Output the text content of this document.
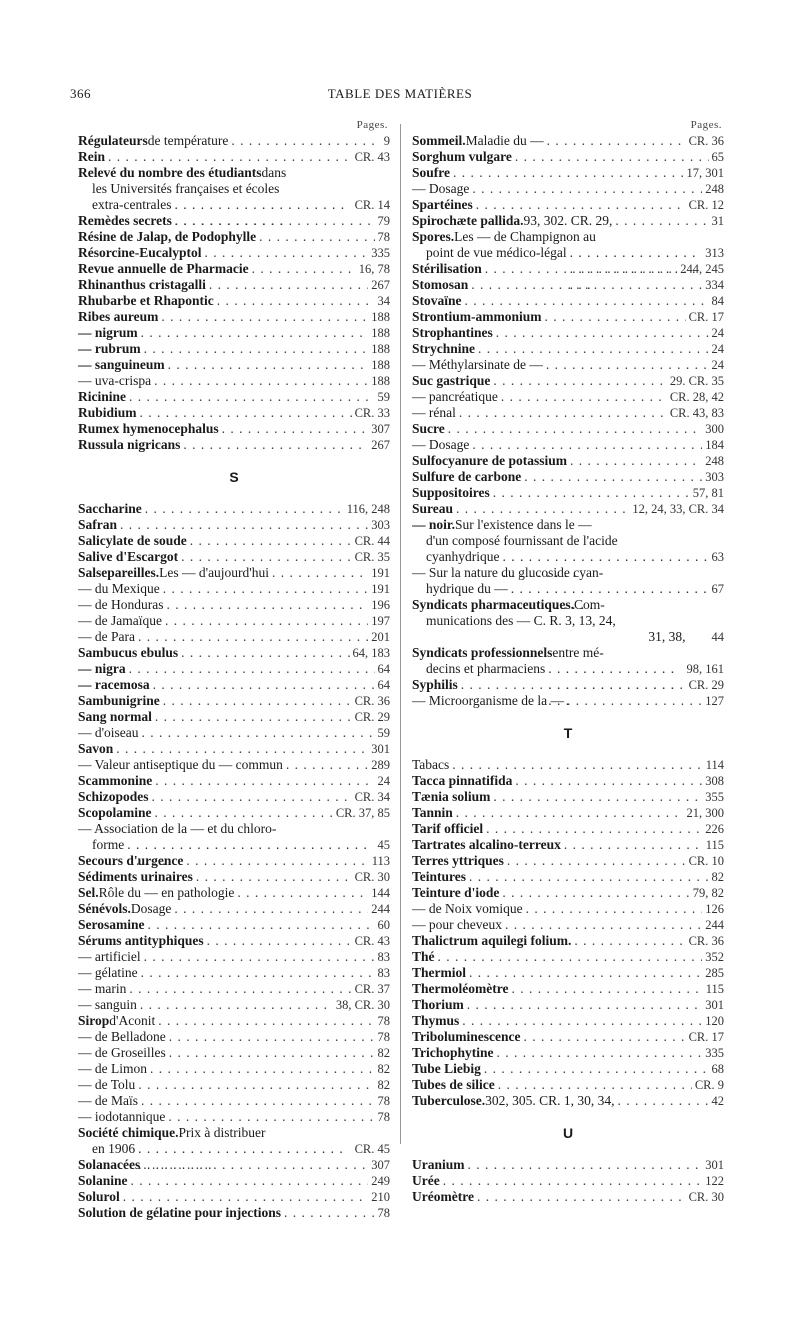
366	TABLE DES MATIÈRES
Pages.
Régulateurs de température . . .	9
Rein . . .	CR. 43
Relevé du nombre des étudiants dans
les Universités françaises et écoles
extra-centrales . . .	CR. 14
Remèdes secrets . . .	79
Résine de Jalap, de Podophylle . . .	78
Résorcine-Eucalyptol . . .	335
Revue annuelle de Pharmacie . . .	16, 78
Rhinanthus cristagalli . . .	267
Rhubarbe et Rhapontic . . .	34
Ribes aureum . . .	188
— nigrum . . .	188
— rubrum . . .	188
— sanguineum . . .	188
— uva-crispa . . .	188
Ricinine . . .	59
Rubidium . . .	CR. 33
Rumex hymenocephalus . . .	307
Russula nigricans . . .	267
S
Saccharine . . .	116, 248
Safran . . .	303
Salicylate de soude . . .	CR. 44
Salive d'Escargot . . .	CR. 35
Salsepareilles. Les — d'aujourd'hui . . .	191
— du Mexique . . .	191
— de Honduras . . .	196
— de Jamaïque . . .	197
— de Para . . .	201
Sambucus ebulus . . .	64, 183
— nigra . . .	64
— racemosa . . .	64
Sambunigrine . . .	CR. 36
Sang normal . . .	CR. 29
— d'oiseau . . .	59
Savon . . .	301
— Valeur antiseptique du — commun . . .	289
Scammonine . . .	24
Schizopodes . . .	CR. 34
Scopolamine . . .	CR. 37, 85
— Association de la — et du chloro-
forme . . .	45
Secours d'urgence . . .	113
Sédiments urinaires . . .	CR. 30
Sel. Rôle du — en pathologie . . .	144
Sénévols. Dosage . . .	244
Serosamine . . .	60
Sérums antityphiques . . .	CR. 43
— artificiel . . .	83
— gélatine . . .	83
— marin . . .	CR. 37
— sanguin . . .	38, CR. 30
Sirop d'Aconit . . .	78
— de Belladone . . .	78
— de Groseilles . . .	82
— de Limon . . .	82
— de Tolu . . .	82
— de Maïs . . .	78
— iodotannique . . .	78
Société chimique. Prix à distribuer
en 1906 . . .	CR. 45
Solanacées . . .	307
Solanine . . .	249
Solurol . . .	210
Solution de gélatine pour injections . . .	78
Pages.
Sommeil. Maladie du — . . .	CR. 36
Sorghum vulgare . . .	65
Soufre . . .	17, 301
— Dosage . . .	248
Spartéines . . .	CR. 12
Spirochæte pallida. 93, 302. CR. 29, . . .	31
Spores. Les — de Champignon au
point de vue médico-légal . . .	313
Stérilisation . . .	244, 245
Stomosan . . .	334
Stovaïne . . .	84
Strontium-ammonium . . .	CR. 17
Strophantines . . .	24
Strychnine . . .	24
— Méthylarsinate de — . . .	24
Suc gastrique . . .	29. CR. 35
— pancréatique . . .	CR. 28, 42
— rénal . . .	CR. 43, 83
Sucre . . .	300
— Dosage . . .	184
Sulfocyanure de potassium . . .	248
Sulfure de carbone . . .	303
Suppositoires . . .	57, 81
Sureau . . .	12, 24, 33, CR. 34
— noir. Sur l'existence dans le —
d'un composé fournissant de l'acide
cyanhydrique . . .	63
— Sur la nature du glucoside cyan-
hydrique du — . . .	67
Syndicats pharmaceutiques. Com-
munications des — C. R. 3, 13, 24,
31, 38, 44
Syndicats professionnels entre mé-
decins et pharmaciens . . .	98, 161
Syphilis . . .	CR. 29
— Microorganisme de la — . . .	127
T
Tabacs . . .	114
Tacca pinnatifida . . .	308
Tænia solium . . .	355
Tannin . . .	21, 300
Tarif officiel . . .	226
Tartrates alcalino-terreux . . .	115
Terres yttriques . . .	CR. 10
Teintures . . .	82
Teinture d'iode . . .	79, 82
— de Noix vomique . . .	126
— pour cheveux . . .	244
Thalictrum aquilegi folium. . . .	CR. 36
Thé . . .	352
Thermiol . . .	285
Thermoléomètre . . .	115
Thorium . . .	301
Thymus . . .	120
Triboluminescence . . .	CR. 17
Trichophytine . . .	335
Tube Liebig . . .	68
Tubes de silice . . .	CR. 9
Tuberculose. 302, 305. CR. 1, 30, 34, . . .	42
U
Uranium . . .	301
Urée . . .	122
Uréomètre . . .	CR. 30
